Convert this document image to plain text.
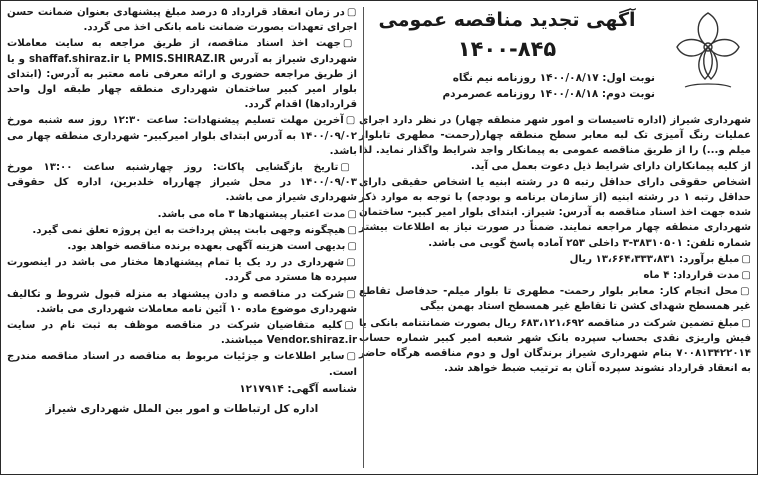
آگهی تجدید مناقصه عمومی
۱۴۰۰-۸۴۵
نوبت اول: ۱۴۰۰/۰۸/۱۷ روزنامه نیم نگاه
نوبت دوم: ۱۴۰۰/۰۸/۱۸ روزنامه عصرمردم

شهرداری شیراز (اداره تاسیسات و امور شهر منطقه چهار) در نظر دارد اجرای عملیات رنگ آمیزی تک لبه معابر سطح منطقه چهار(رحمت- مطهری تابلوار میلم و...) را از طریق مناقصه عمومی به پیمانکار واجد شرایط واگذار نماید. لذا از کلیه پیمانکاران دارای شرایط ذیل دعوت بعمل می آید.

اشخاص حقوقی دارای حداقل رتبه ۵ در رشته ابنیه یا اشخاص حقیقی دارای حداقل رتبه ۱ در رشته ابنیه (از سازمان برنامه و بودجه) با توجه به موارد ذکر شده جهت اخذ اسناد مناقصه به آدرس: شیراز. ابتدای بلوار امیر کبیر- ساختمان شهرداری منطقه چهار مراجعه نمایند. ضمناً در صورت نیاز به اطلاعات بیشتر شماره تلفن: ۳۸۳۱۰۵۰۱-۳ داخلی ۲۵۳ آماده پاسخ گویی می باشد.

▢مبلغ برآورد: ۱۳،۶۶۴،۳۳۳،۸۳۱ ریال

▢مدت قرارداد: ۴ ماه

▢محل انجام کار: معابر بلوار رحمت- مطهری تا بلوار میلم- حدفاصل تقاطع غیر همسطح شهدای کشن تا تقاطع غیر همسطح استاد بهمن بیگی

▢مبلغ تضمین شرکت در مناقصه ۶۸۳،۱۲۱،۶۹۲ ریال بصورت ضمانتنامه بانکی یا فیش واریزی نقدی بحساب سپرده بانک شهر شعبه امیر کبیر شماره حساب ۷۰۰۸۱۳۴۲۲۰۱۴ بنام شهرداری شیراز برندگان اول و دوم مناقصه هرگاه حاضر به انعقاد قرارداد نشوند سپرده آنان به ترتیب ضبط خواهد شد.

▢در زمان انعقاد قرارداد ۵ درصد مبلغ پیشنهادی بعنوان ضمانت حسن اجرای تعهدات بصورت ضمانت نامه بانکی اخذ می گردد.

▢جهت اخذ اسناد مناقصه، از طریق مراجعه به سایت معاملات شهرداری شیراز به آدرس PMIS.SHIRAZ.IR یا shaffaf.shiraz.ir و یا از طریق مراجعه حضوری و ارائه معرفی نامه معتبر به آدرس: (ابتدای بلوار امیر کبیر ساختمان شهرداری منطقه چهار طبقه اول واحد قراردادها) اقدام گردد.

▢آخرین مهلت تسلیم پیشنهادات: ساعت ۱۲:۳۰ روز سه شنبه مورخ ۱۴۰۰/۰۹/۰۲ به آدرس ابتدای بلوار امیرکبیر- شهرداری منطقه چهار می باشد.

▢تاریخ بازگشایی پاکات: روز چهارشنبه ساعت ۱۳:۰۰ مورخ ۱۴۰۰/۰۹/۰۳ در محل شیراز چهارراه خلدبرین، اداره کل حقوقی شهرداری شیراز می باشد.

▢مدت اعتبار پیشنهادها ۳ ماه می باشد.

▢هیچگونه وجهی بابت پیش پرداخت به این پروژه تعلق نمی گیرد.

▢بدیهی است هزینه آگهی بعهده برنده مناقصه خواهد بود.

▢شهرداری در رد یک یا تمام پیشنهادها مختار می باشد در اینصورت سپرده ها مسترد می گردد.

▢شرکت در مناقصه و دادن پیشنهاد به منزله قبول شروط و تکالیف شهرداری موضوع ماده ۱۰ آئین نامه معاملات شهرداری می باشد.

▢کلیه متقاضیان شرکت در مناقصه موظف به ثبت نام در سایت Vendor.shiraz.ir میباشند.

▢سایر اطلاعات و جزئیات مربوط به مناقصه در اسناد مناقصه مندرج است.

شناسه آگهی: ۱۲۱۷۹۱۴
اداره کل ارتباطات و امور بین الملل شهرداری شیراز
